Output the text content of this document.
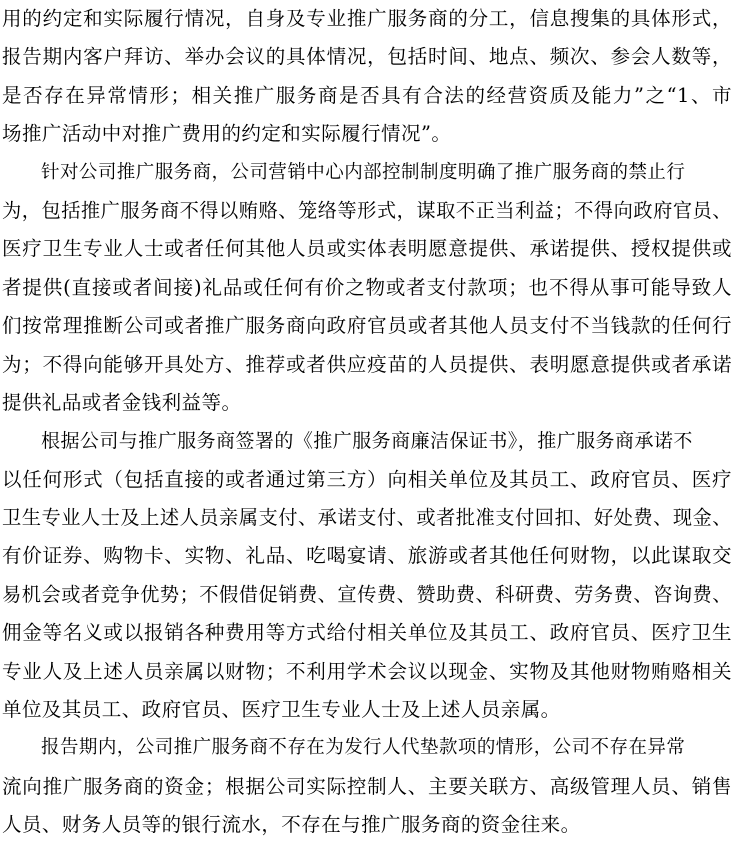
用的约定和实际履行情况，自身及专业推广服务商的分工，信息搜集的具体形式，
报告期内客户拜访、举办会议的具体情况，包括时间、地点、频次、参会人数等，
是否存在异常情形；相关推广服务商是否具有合法的经营资质及能力”之“1、市
场推广活动中对推广费用的约定和实际履行情况”。
针对公司推广服务商，公司营销中心内部控制制度明确了推广服务商的禁止行
为，包括推广服务商不得以贿赂、笼络等形式，谋取不正当利益；不得向政府官员、
医疗卫生专业人士或者任何其他人员或实体表明愿意提供、承诺提供、授权提供或
者提供(直接或者间接)礼品或任何有价之物或者支付款项；也不得从事可能导致人
们按常理推断公司或者推广服务商向政府官员或者其他人员支付不当钱款的任何行
为；不得向能够开具处方、推荐或者供应疫苗的人员提供、表明愿意提供或者承诺
提供礼品或者金钱利益等。
根据公司与推广服务商签署的《推广服务商廉洁保证书》，推广服务商承诺不
以任何形式（包括直接的或者通过第三方）向相关单位及其员工、政府官员、医疗
卫生专业人士及上述人员亲属支付、承诺支付、或者批准支付回扣、好处费、现金、
有价证券、购物卡、实物、礼品、吃喝宴请、旅游或者其他任何财物，以此谋取交
易机会或者竞争优势；不假借促销费、宣传费、赞助费、科研费、劳务费、咨询费、
佣金等名义或以报销各种费用等方式给付相关单位及其员工、政府官员、医疗卫生
专业人及上述人员亲属以财物；不利用学术会议以现金、实物及其他财物贿赂相关
单位及其员工、政府官员、医疗卫生专业人士及上述人员亲属。
报告期内，公司推广服务商不存在为发行人代垫款项的情形，公司不存在异常
流向推广服务商的资金；根据公司实际控制人、主要关联方、高级管理人员、销售
人员、财务人员等的银行流水，不存在与推广服务商的资金往来。
